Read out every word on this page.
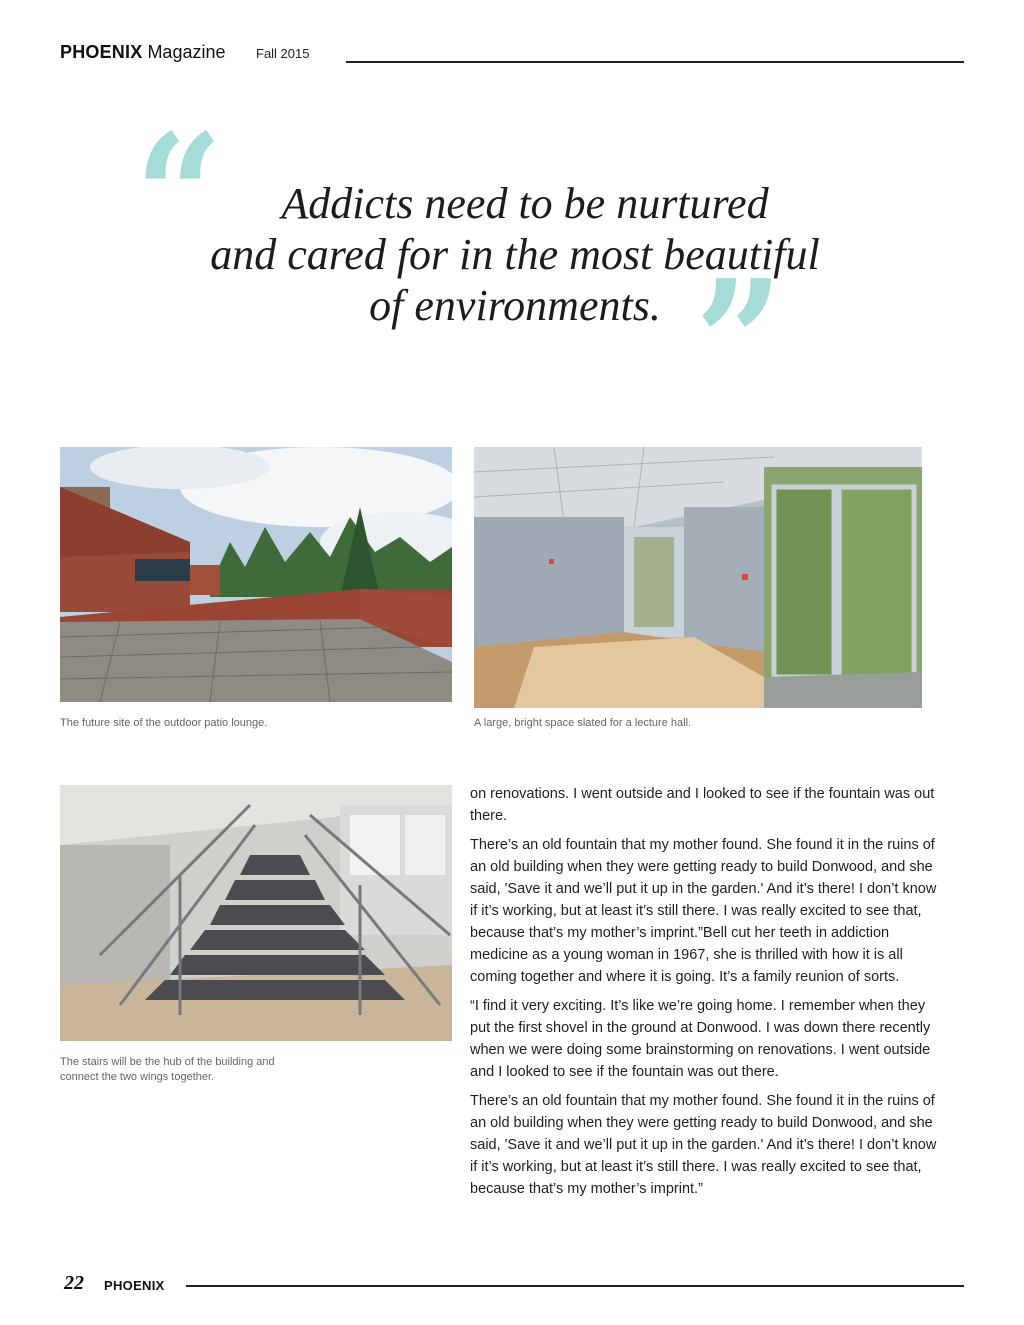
PHOENIX Magazine Fall 2015
“
”
Addicts need to be nurtured
and cared for in the most beautiful
of environments.
The future site of the outdoor patio lounge.	A large, bright space slated for a lecture hall.
The stairs will be the hub of the building and
connect the two wings together.

on renovations. I went outside and I looked to see if the fountain was out there.

There’s an old fountain that my mother found. She found it in the ruins of an old building when they were getting ready to build Donwood, and she said, 'Save it and we’ll put it up in the garden.' And it’s there! I don’t know if it’s working, but at least it’s still there. I was really excited to see that, because that’s my mother’s imprint.”Bell cut her teeth in addiction medicine as a young woman in 1967, she is thrilled with how it is all coming together and where it is going. It’s a family reunion of sorts.

“I find it very exciting. It’s like we’re going home. I remember when they put the first shovel in the ground at Donwood. I was down there recently when we were doing some brainstorming on renovations. I went outside and I looked to see if the fountain was out there.

There’s an old fountain that my mother found. She found it in the ruins of an old building when they were getting ready to build Donwood, and she said, 'Save it and we’ll put it up in the garden.' And it’s there! I don’t know if it’s working, but at least it’s still there. I was really excited to see that, because that’s my mother’s imprint.”

22 PHOENIX
